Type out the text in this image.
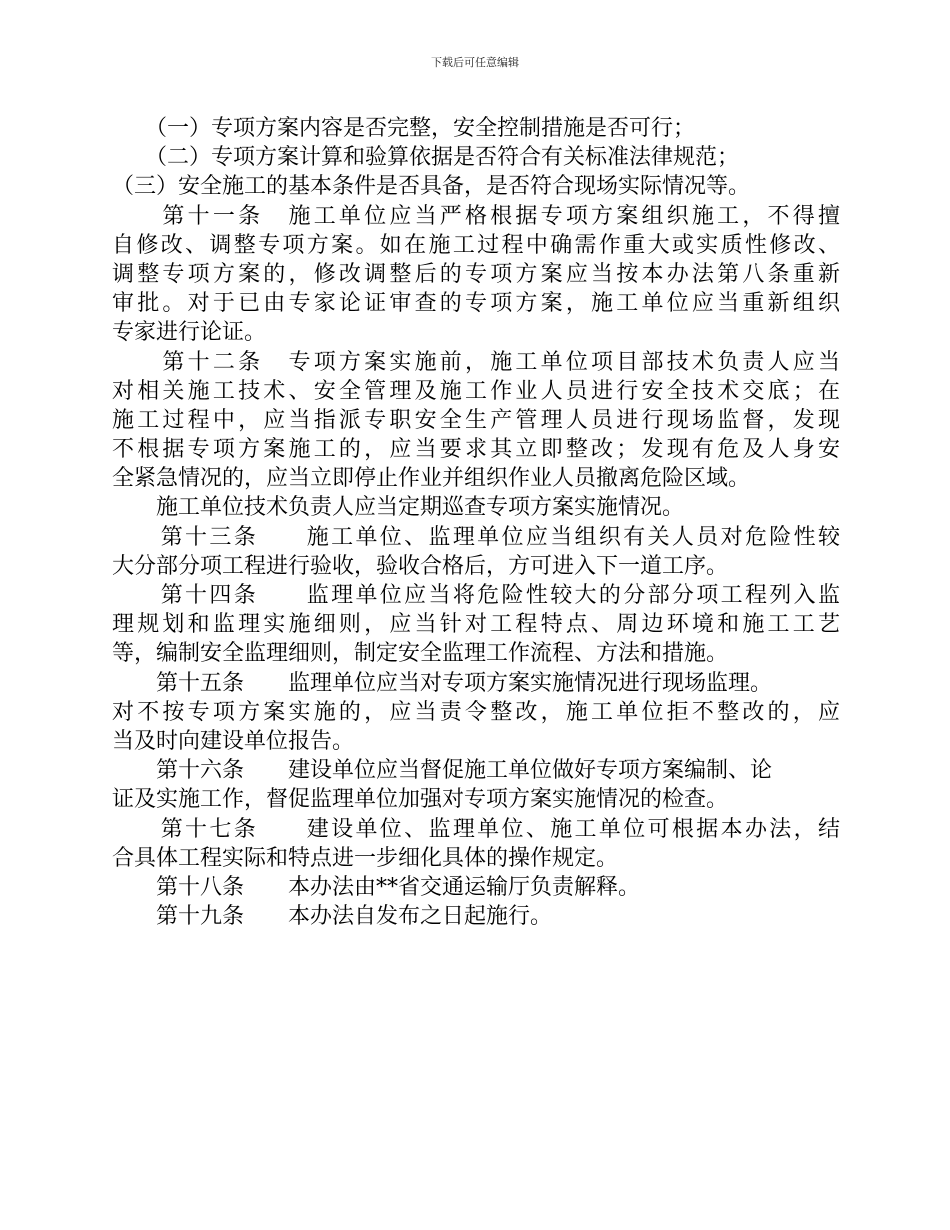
下载后可任意编辑
　　（一）专项方案内容是否完整，安全控制措施是否可行；
　　（二）专项方案计算和验算依据是否符合有关标准法律规范；
（三）安全施工的基本条件是否具备，是否符合现场实际情况等。
　　第十一条　施工单位应当严格根据专项方案组织施工，不得擅
自修改、调整专项方案。如在施工过程中确需作重大或实质性修改、
调整专项方案的，修改调整后的专项方案应当按本办法第八条重新
审批。对于已由专家论证审查的专项方案，施工单位应当重新组织
专家进行论证。
　　第十二条　专项方案实施前，施工单位项目部技术负责人应当
对相关施工技术、安全管理及施工作业人员进行安全技术交底；在
施工过程中，应当指派专职安全生产管理人员进行现场监督，发现
不根据专项方案施工的，应当要求其立即整改；发现有危及人身安
全紧急情况的，应当立即停止作业并组织作业人员撤离危险区域。
　　施工单位技术负责人应当定期巡查专项方案实施情况。
　　第十三条　　施工单位、监理单位应当组织有关人员对危险性较
大分部分项工程进行验收，验收合格后，方可进入下一道工序。
　　第十四条　　监理单位应当将危险性较大的分部分项工程列入监
理规划和监理实施细则，应当针对工程特点、周边环境和施工工艺
等，编制安全监理细则，制定安全监理工作流程、方法和措施。
　　第十五条　　监理单位应当对专项方案实施情况进行现场监理。
对不按专项方案实施的，应当责令整改，施工单位拒不整改的，应
当及时向建设单位报告。
　　第十六条　　建设单位应当督促施工单位做好专项方案编制、论
证及实施工作，督促监理单位加强对专项方案实施情况的检查。
　　第十七条　　建设单位、监理单位、施工单位可根据本办法，结
合具体工程实际和特点进一步细化具体的操作规定。
　　第十八条　　本办法由**省交通运输厅负责解释。
　　第十九条　　本办法自发布之日起施行。
